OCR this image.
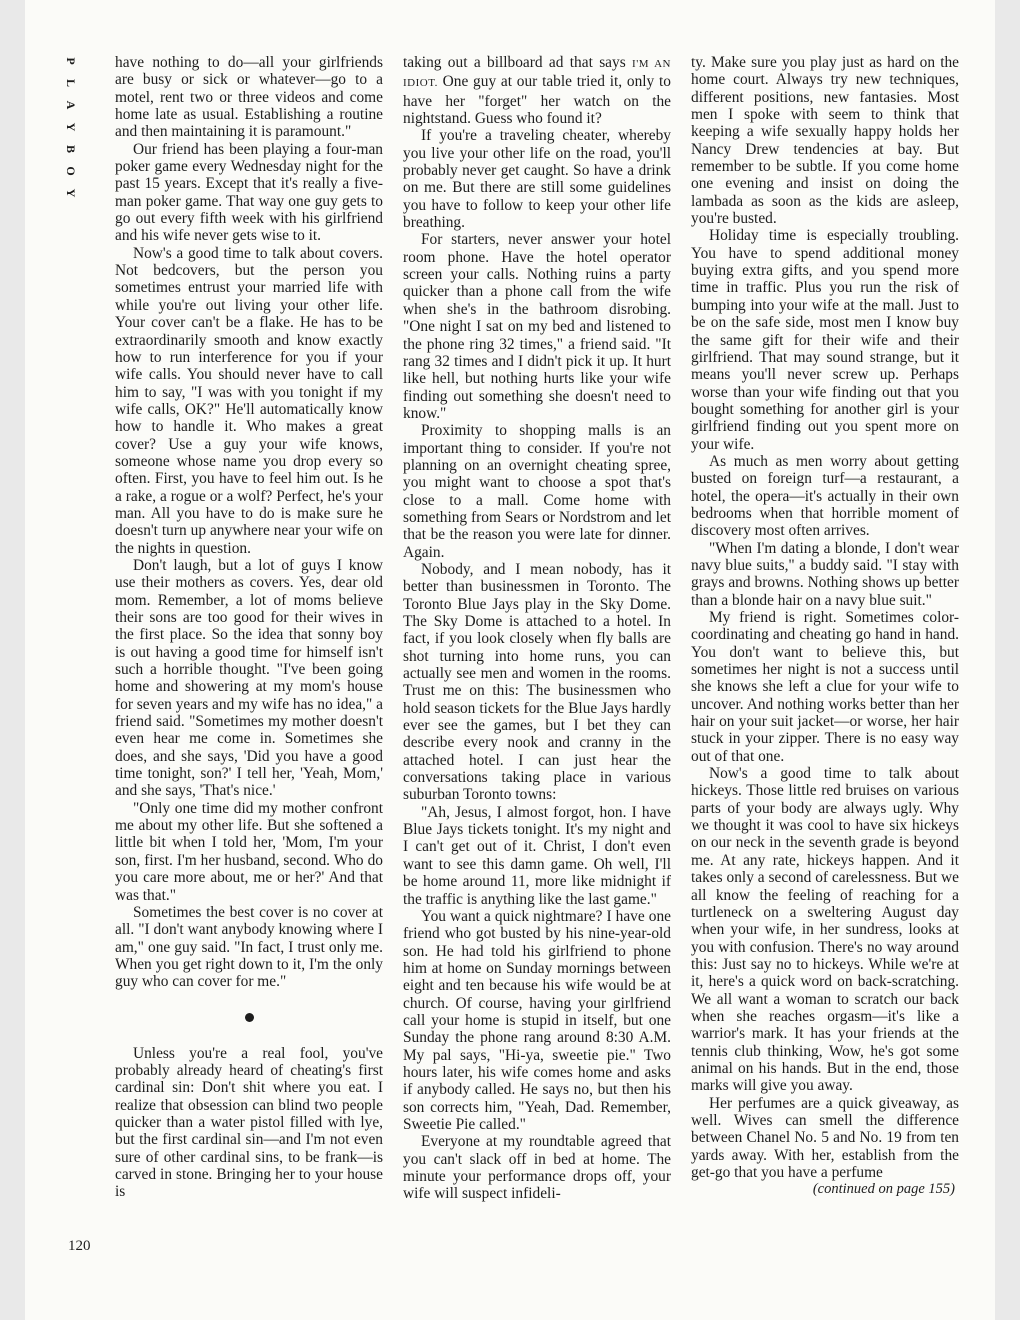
P
L
A
Y
B
O
Y

have nothing to do—all your girlfriends are busy or sick or whatever—go to a motel, rent two or three videos and come home late as usual. Establishing a routine and then maintaining it is paramount."

Our friend has been playing a four-man poker game every Wednesday night for the past 15 years. Except that it's really a five-man poker game. That way one guy gets to go out every fifth week with his girlfriend and his wife never gets wise to it.

Now's a good time to talk about covers. Not bedcovers, but the person you sometimes entrust your married life with while you're out living your other life. Your cover can't be a flake. He has to be extraordinarily smooth and know exactly how to run interference for you if your wife calls. You should never have to call him to say, "I was with you tonight if my wife calls, OK?" He'll automatically know how to handle it. Who makes a great cover? Use a guy your wife knows, someone whose name you drop every so often. First, you have to feel him out. Is he a rake, a rogue or a wolf? Perfect, he's your man. All you have to do is make sure he doesn't turn up anywhere near your wife on the nights in question.

Don't laugh, but a lot of guys I know use their mothers as covers. Yes, dear old mom. Remember, a lot of moms believe their sons are too good for their wives in the first place. So the idea that sonny boy is out having a good time for himself isn't such a horrible thought. "I've been going home and showering at my mom's house for seven years and my wife has no idea," a friend said. "Sometimes my mother doesn't even hear me come in. Sometimes she does, and she says, 'Did you have a good time tonight, son?' I tell her, 'Yeah, Mom,' and she says, 'That's nice.'

"Only one time did my mother confront me about my other life. But she softened a little bit when I told her, 'Mom, I'm your son, first. I'm her husband, second. Who do you care more about, me or her?' And that was that."

Sometimes the best cover is no cover at all. "I don't want anybody knowing where I am," one guy said. "In fact, I trust only me. When you get right down to it, I'm the only guy who can cover for me."

Unless you're a real fool, you've probably already heard of cheating's first cardinal sin: Don't shit where you eat. I realize that obsession can blind two people quicker than a water pistol filled with lye, but the first cardinal sin—and I'm not even sure of other cardinal sins, to be frank—is carved in stone. Bringing her to your house is

taking out a billboard ad that says I'M AN IDIOT. One guy at our table tried it, only to have her "forget" her watch on the nightstand. Guess who found it?

If you're a traveling cheater, whereby you live your other life on the road, you'll probably never get caught. So have a drink on me. But there are still some guidelines you have to follow to keep your other life breathing.

For starters, never answer your hotel room phone. Have the hotel operator screen your calls. Nothing ruins a party quicker than a phone call from the wife when she's in the bathroom disrobing. "One night I sat on my bed and listened to the phone ring 32 times," a friend said. "It rang 32 times and I didn't pick it up. It hurt like hell, but nothing hurts like your wife finding out something she doesn't need to know."

Proximity to shopping malls is an important thing to consider. If you're not planning on an overnight cheating spree, you might want to choose a spot that's close to a mall. Come home with something from Sears or Nordstrom and let that be the reason you were late for dinner. Again.

Nobody, and I mean nobody, has it better than businessmen in Toronto. The Toronto Blue Jays play in the Sky Dome. The Sky Dome is attached to a hotel. In fact, if you look closely when fly balls are shot turning into home runs, you can actually see men and women in the rooms. Trust me on this: The businessmen who hold season tickets for the Blue Jays hardly ever see the games, but I bet they can describe every nook and cranny in the attached hotel. I can just hear the conversations taking place in various suburban Toronto towns:

"Ah, Jesus, I almost forgot, hon. I have Blue Jays tickets tonight. It's my night and I can't get out of it. Christ, I don't even want to see this damn game. Oh well, I'll be home around 11, more like midnight if the traffic is anything like the last game."

You want a quick nightmare? I have one friend who got busted by his nine-year-old son. He had told his girlfriend to phone him at home on Sunday mornings between eight and ten because his wife would be at church. Of course, having your girlfriend call your home is stupid in itself, but one Sunday the phone rang around 8:30 A.M. My pal says, "Hi-ya, sweetie pie." Two hours later, his wife comes home and asks if anybody called. He says no, but then his son corrects him, "Yeah, Dad. Remember, Sweetie Pie called."

Everyone at my roundtable agreed that you can't slack off in bed at home. The minute your performance drops off, your wife will suspect infideli-

ty. Make sure you play just as hard on the home court. Always try new techniques, different positions, new fantasies. Most men I spoke with seem to think that keeping a wife sexually happy holds her Nancy Drew tendencies at bay. But remember to be subtle. If you come home one evening and insist on doing the lambada as soon as the kids are asleep, you're busted.

Holiday time is especially troubling. You have to spend additional money buying extra gifts, and you spend more time in traffic. Plus you run the risk of bumping into your wife at the mall. Just to be on the safe side, most men I know buy the same gift for their wife and their girlfriend. That may sound strange, but it means you'll never screw up. Perhaps worse than your wife finding out that you bought something for another girl is your girlfriend finding out you spent more on your wife.

As much as men worry about getting busted on foreign turf—a restaurant, a hotel, the opera—it's actually in their own bedrooms when that horrible moment of discovery most often arrives.

"When I'm dating a blonde, I don't wear navy blue suits," a buddy said. "I stay with grays and browns. Nothing shows up better than a blonde hair on a navy blue suit."

My friend is right. Sometimes color-coordinating and cheating go hand in hand. You don't want to believe this, but sometimes her night is not a success until she knows she left a clue for your wife to uncover. And nothing works better than her hair on your suit jacket—or worse, her hair stuck in your zipper. There is no easy way out of that one.

Now's a good time to talk about hickeys. Those little red bruises on various parts of your body are always ugly. Why we thought it was cool to have six hickeys on our neck in the seventh grade is beyond me. At any rate, hickeys happen. And it takes only a second of carelessness. But we all know the feeling of reaching for a turtleneck on a sweltering August day when your wife, in her sundress, looks at you with confusion. There's no way around this: Just say no to hickeys. While we're at it, here's a quick word on back-scratching. We all want a woman to scratch our back when she reaches orgasm—it's like a warrior's mark. It has your friends at the tennis club thinking, Wow, he's got some animal on his hands. But in the end, those marks will give you away.

Her perfumes are a quick giveaway, as well. Wives can smell the difference between Chanel No. 5 and No. 19 from ten yards away. With her, establish from the get-go that you have a perfume

(continued on page 155)

120
